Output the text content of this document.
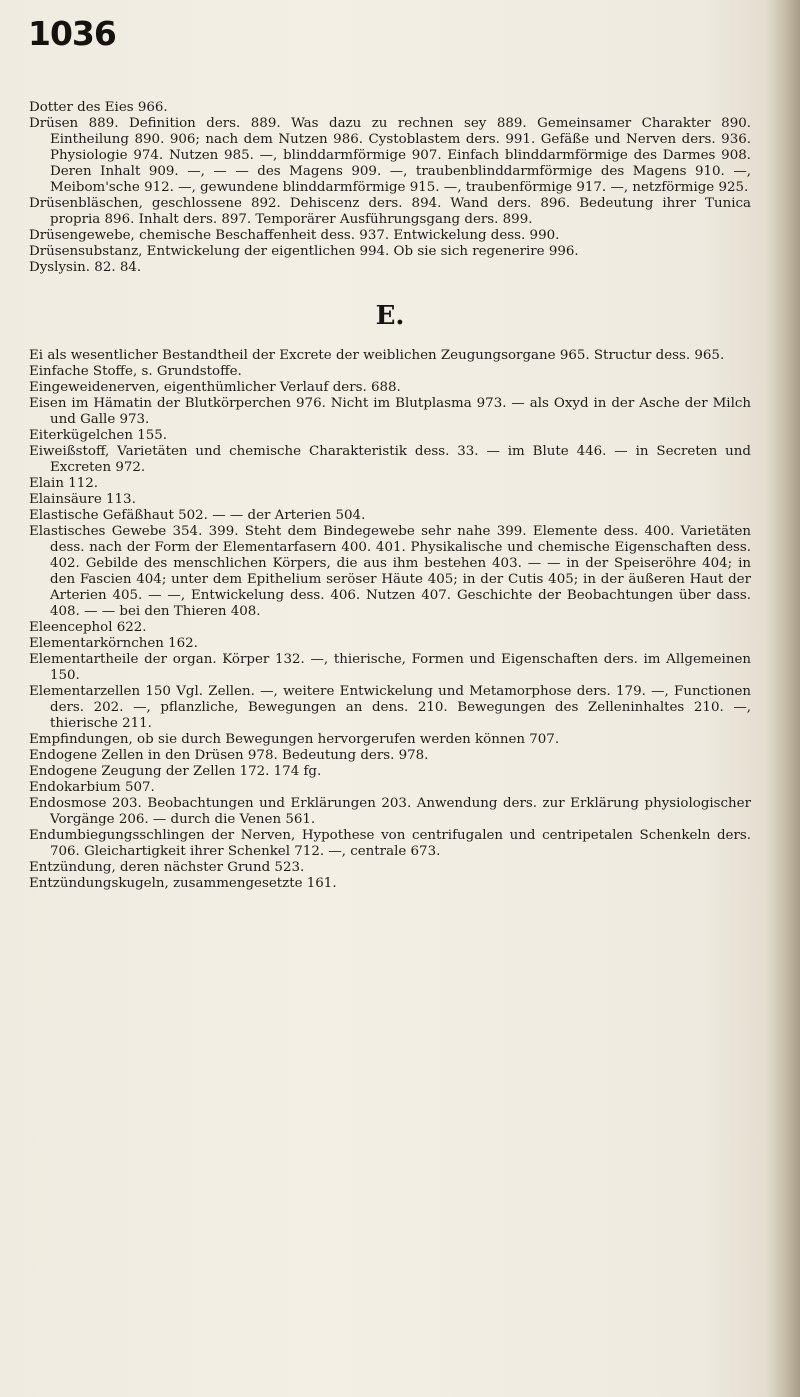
1036

Dotter des Eies 966.

Drüsen 889. Definition ders. 889. Was dazu zu rechnen sey 889. Gemeinsamer Charakter 890. Eintheilung 890. 906; nach dem Nutzen 986. Cystoblastem ders. 991. Gefäße und Nerven ders. 936. Physiologie 974. Nutzen 985. —, blinddarmförmige 907. Einfach blinddarmförmige des Darmes 908. Deren Inhalt 909. —, — — des Magens 909. —, traubenblinddarmförmige des Magens 910. —, Meibom'sche 912. —, gewundene blinddarmförmige 915. —, traubenförmige 917. —, netzförmige 925.

Drüsenbläschen, geschlossene 892. Dehiscenz ders. 894. Wand ders. 896. Bedeutung ihrer Tunica propria 896. Inhalt ders. 897. Temporärer Ausführungsgang ders. 899.

Drüsengewebe, chemische Beschaffenheit dess. 937. Entwickelung dess. 990.

Drüsensubstanz, Entwickelung der eigentlichen 994. Ob sie sich regenerire 996.

Dyslysin. 82. 84.

E.

Ei als wesentlicher Bestandtheil der Excrete der weiblichen Zeugungsorgane 965. Structur dess. 965.

Einfache Stoffe, s. Grundstoffe.

Eingeweidenerven, eigenthümlicher Verlauf ders. 688.

Eisen im Hämatin der Blutkörperchen 976. Nicht im Blutplasma 973. — als Oxyd in der Asche der Milch und Galle 973.

Eiterkügelchen 155.

Eiweißstoff, Varietäten und chemische Charakteristik dess. 33. — im Blute 446. — in Secreten und Excreten 972.

Elain 112.

Elainsäure 113.

Elastische Gefäßhaut 502. — — der Arterien 504.

Elastisches Gewebe 354. 399. Steht dem Bindegewebe sehr nahe 399. Elemente dess. 400. Varietäten dess. nach der Form der Elementarfasern 400. 401. Physikalische und chemische Eigenschaften dess. 402. Gebilde des menschlichen Körpers, die aus ihm bestehen 403. — — in der Speiseröhre 404; in den Fascien 404; unter dem Epithelium seröser Häute 405; in der Cutis 405; in der äußeren Haut der Arterien 405. — —, Entwickelung dess. 406. Nutzen 407. Geschichte der Beobachtungen über dass. 408. — — bei den Thieren 408.

Eleencephol 622.

Elementarkörnchen 162.

Elementartheile der organ. Körper 132. —, thierische, Formen und Eigenschaften ders. im Allgemeinen 150.

Elementarzellen 150 Vgl. Zellen. —, weitere Entwickelung und Metamorphose ders. 179. —, Functionen ders. 202. —, pflanzliche, Bewegungen an dens. 210. Bewegungen des Zelleninhaltes 210. —, thierische 211.

Empfindungen, ob sie durch Bewegungen hervorgerufen werden können 707.

Endogene Zellen in den Drüsen 978. Bedeutung ders. 978.

Endogene Zeugung der Zellen 172. 174 fg.

Endokarbium 507.

Endosmose 203. Beobachtungen und Erklärungen 203. Anwendung ders. zur Erklärung physiologischer Vorgänge 206. — durch die Venen 561.

Endumbiegungsschlingen der Nerven, Hypothese von centrifugalen und centripetalen Schenkeln ders. 706. Gleichartigkeit ihrer Schenkel 712. —, centrale 673.

Entzündung, deren nächster Grund 523.

Entzündungskugeln, zusammengesetzte 161.
